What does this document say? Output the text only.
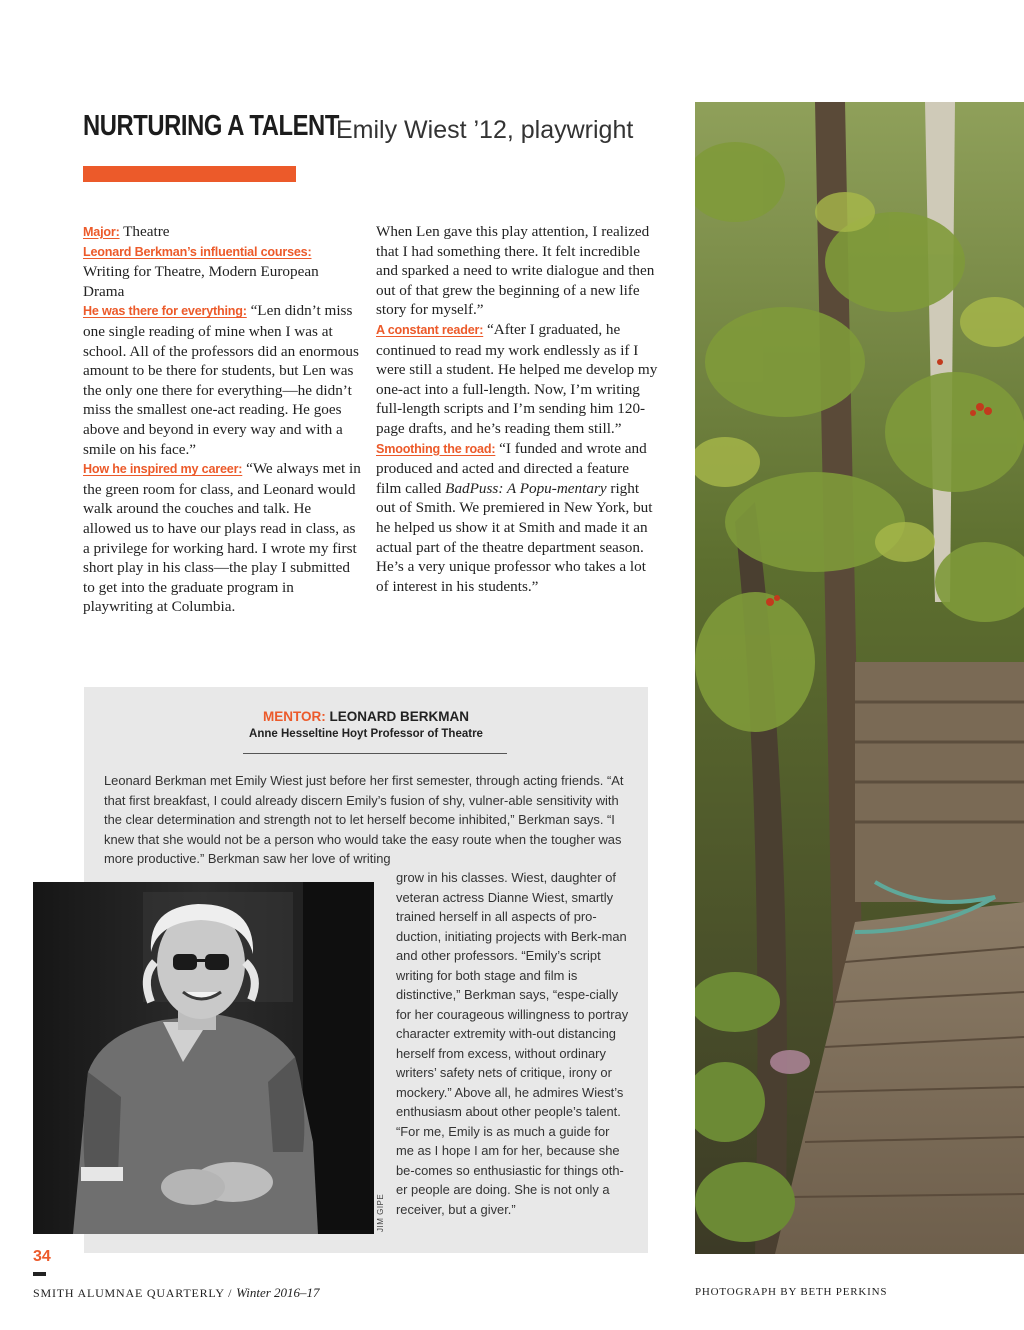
NURTURING A TALENT
Emily Wiest ’12, playwright

Major: Theatre

Leonard Berkman’s influential courses:
Writing for Theatre, Modern European Drama

He was there for everything: “Len didn’t miss one single reading of mine when I was at school. All of the professors did an enormous amount to be there for students, but Len was the only one there for everything—he didn’t miss the smallest one-act reading. He goes above and beyond in every way and with a smile on his face.”

How he inspired my career: “We always met in the green room for class, and Leonard would walk around the couches and talk. He allowed us to have our plays read in class, as a privilege for working hard. I wrote my first short play in his class—the play I submitted to get into the graduate program in playwriting at Columbia.

When Len gave this play attention, I realized that I had something there. It felt incredible and sparked a need to write dialogue and then out of that grew the beginning of a new life story for myself.”

A constant reader: “After I graduated, he continued to read my work endlessly as if I were still a student. He helped me develop my one-act into a full-length. Now, I’m writing full-length scripts and I’m sending him 120-page drafts, and he’s reading them still.”

Smoothing the road: “I funded and wrote and produced and acted and directed a feature film called BadPuss: A Popu-mentary right out of Smith. We premiered in New York, but he helped us show it at Smith and made it an actual part of the theatre department season. He’s a very unique professor who takes a lot of interest in his students.”

MENTOR: LEONARD BERKMAN
Anne Hesseltine Hoyt Professor of Theatre
Leonard Berkman met Emily Wiest just before her first semester, through acting friends. “At that first breakfast, I could already discern Emily’s fusion of shy, vulner-able sensitivity with the clear determination and strength not to let herself become inhibited,” Berkman says. “I knew that she would not be a person who would take the easy route when the tougher was more productive.” Berkman saw her love of writing
grow in his classes. Wiest, daughter of veteran actress Dianne Wiest, smartly trained herself in all aspects of pro-duction, initiating projects with Berk-man and other professors. “Emily’s script writing for both stage and film is distinctive,” Berkman says, “espe-cially for her courageous willingness to portray character extremity with-out distancing herself from excess, without ordinary writers’ safety nets of critique, irony or mockery.” Above all, he admires Wiest’s enthusiasm about other people’s talent. “For me, Emily is as much a guide for me as I hope I am for her, because she be-comes so enthusiastic for things oth-er people are doing. She is not only a receiver, but a giver.”
JIM GIPE
34
SMITH ALUMNAE QUARTERLY / Winter 2016–17	PHOTOGRAPH BY BETH PERKINS
